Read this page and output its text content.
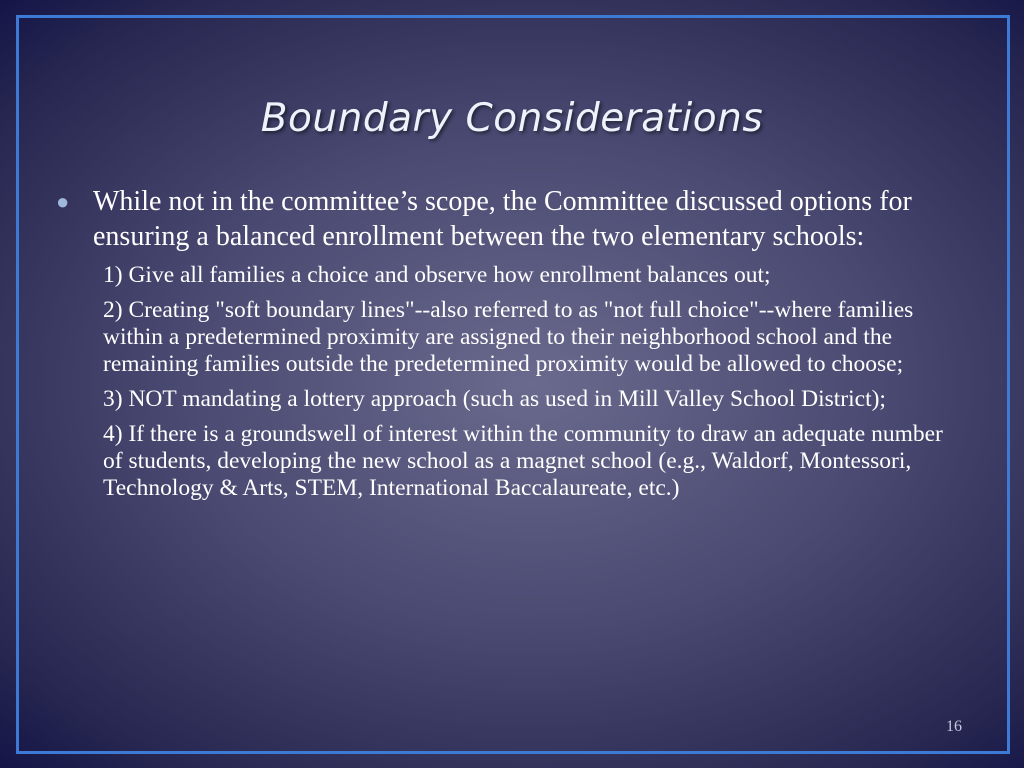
Boundary Considerations
● While not in the committee’s scope, the Committee discussed options for ensuring a balanced enrollment between the two elementary schools:
1) Give all families a choice and observe how enrollment balances out;
2) Creating "soft boundary lines"--also referred to as "not full choice"--where families within a predetermined proximity are assigned to their neighborhood school and the remaining families outside the predetermined proximity would be allowed to choose;
3) NOT mandating a lottery approach (such as used in Mill Valley School District);
4) If there is a groundswell of interest within the community to draw an adequate number of students, developing the new school as a magnet school (e.g., Waldorf, Montessori, Technology & Arts, STEM, International Baccalaureate, etc.)
16
